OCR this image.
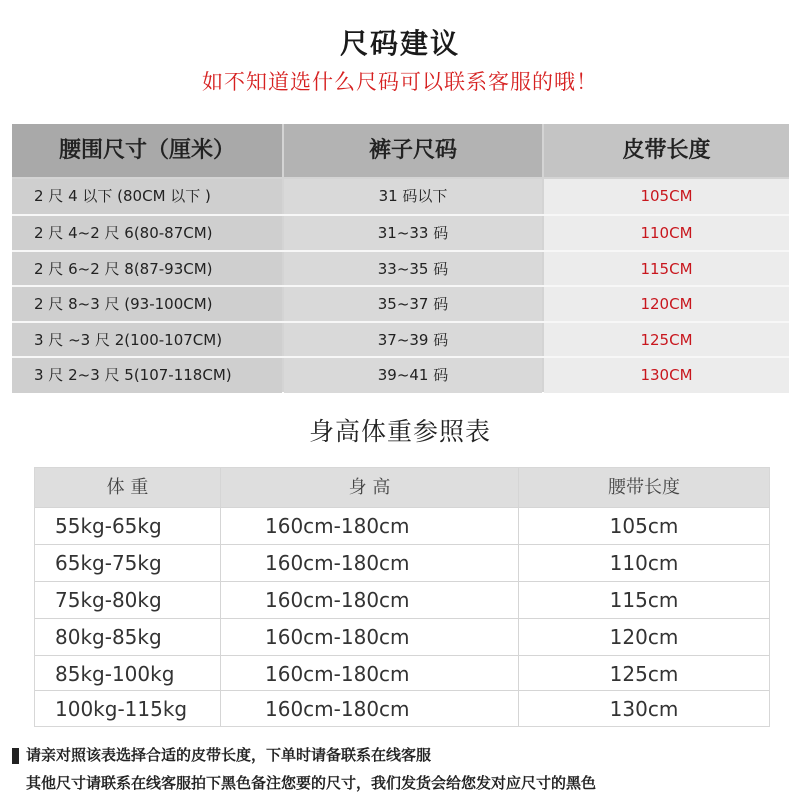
尺码建议
如不知道选什么尺码可以联系客服的哦！
腰围尺寸（厘米）	裤子尺码	皮带长度
2 尺 4 以下 (80CM 以下 )	31 码以下	105CM
2 尺 4~2 尺 6(80-87CM)	31~33 码	110CM
2 尺 6~2 尺 8(87-93CM)	33~35 码	115CM
2 尺 8~3 尺 (93-100CM)	35~37 码	120CM
3 尺 ~3 尺 2(100-107CM)	37~39 码	125CM
3 尺 2~3 尺 5(107-118CM)	39~41 码	130CM
身高体重参照表
体 重	身 高	腰带长度
55kg-65kg	160cm-180cm	105cm
65kg-75kg	160cm-180cm	110cm
75kg-80kg	160cm-180cm	115cm
80kg-85kg	160cm-180cm	120cm
85kg-100kg	160cm-180cm	125cm
100kg-115kg	160cm-180cm	130cm
请亲对照该表选择合适的皮带长度，下单时请备联系在线客服
其他尺寸请联系在线客服拍下黑色备注您要的尺寸，我们发货会给您发对应尺寸的黑色
